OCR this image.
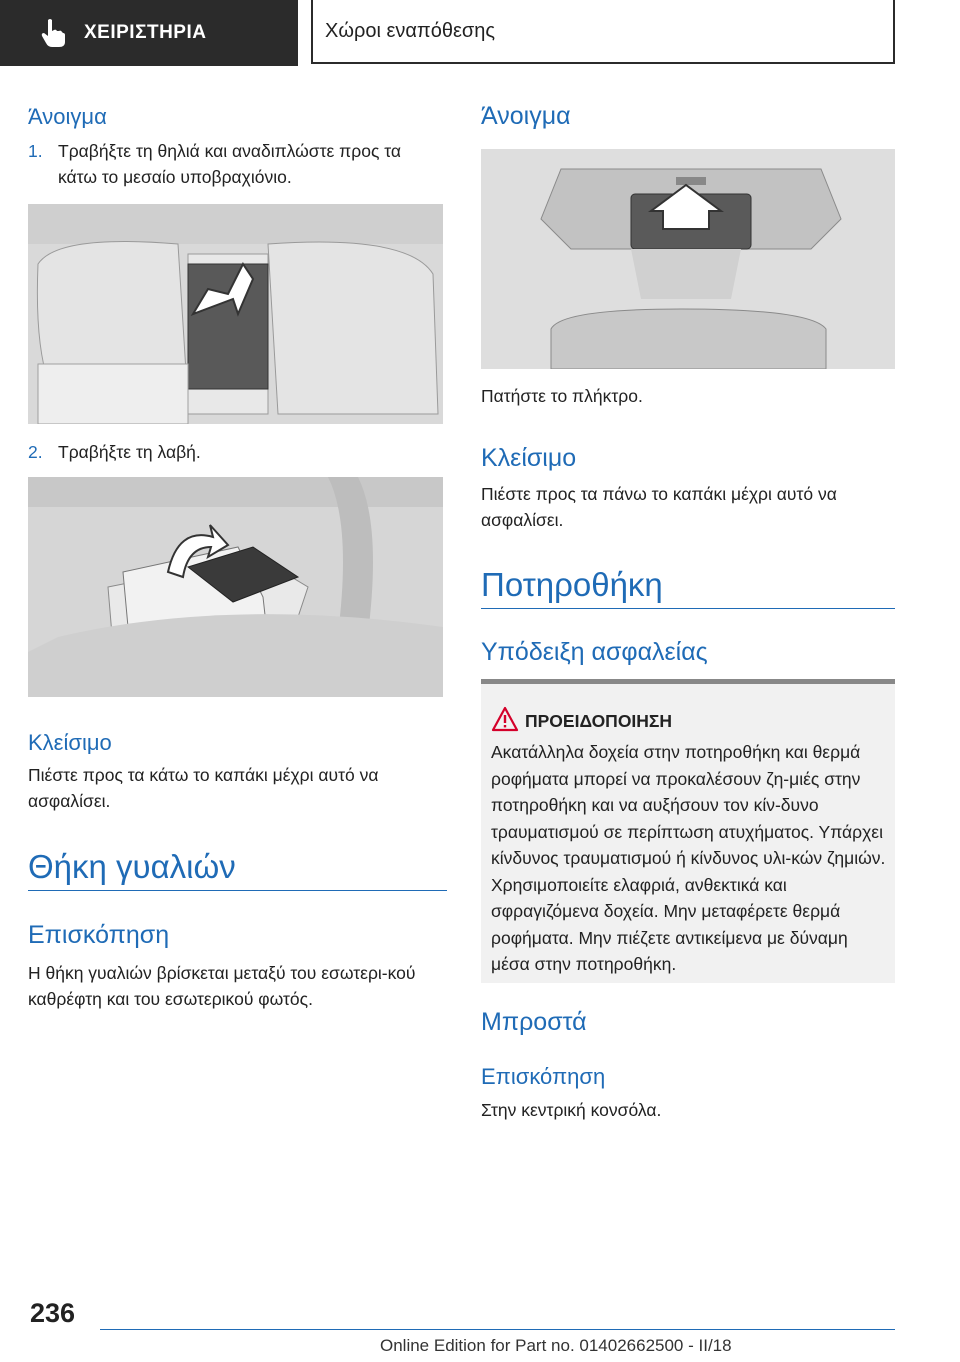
ΧΕΙΡΙΣΤΗΡΙΑ	Χώροι εναπόθεσης
Άνοιγμα
1. Τραβήξτε τη θηλιά και αναδιπλώστε προς τα κάτω το μεσαίο υποβραχιόνιο.
2. Τραβήξτε τη λαβή.
Κλείσιμο

Πιέστε προς τα κάτω το καπάκι μέχρι αυτό να ασφαλίσει.

Θήκη γυαλιών
Επισκόπηση

Η θήκη γυαλιών βρίσκεται μεταξύ του εσωτερι-κού καθρέφτη και του εσωτερικού φωτός.

Άνοιγμα

Πατήστε το πλήκτρο.

Κλείσιμο

Πιέστε προς τα πάνω το καπάκι μέχρι αυτό να ασφαλίσει.

Ποτηροθήκη
Υπόδειξη ασφαλείας
ΠΡΟΕΙΔΟΠΟΙΗΣΗ
Ακατάλληλα δοχεία στην ποτηροθήκη και θερμά ροφήματα μπορεί να προκαλέσουν ζη-μιές στην ποτηροθήκη και να αυξήσουν τον κίν-δυνο τραυματισμού σε περίπτωση ατυχήματος. Υπάρχει κίνδυνος τραυματισμού ή κίνδυνος υλι-κών ζημιών. Χρησιμοποιείτε ελαφριά, ανθεκτικά και σφραγιζόμενα δοχεία. Μην μεταφέρετε θερμά ροφήματα. Μην πιέζετε αντικείμενα με δύναμη μέσα στην ποτηροθήκη.
Μπροστά
Επισκόπηση

Στην κεντρική κονσόλα.

236
Online Edition for Part no. 01402662500 - II/18
